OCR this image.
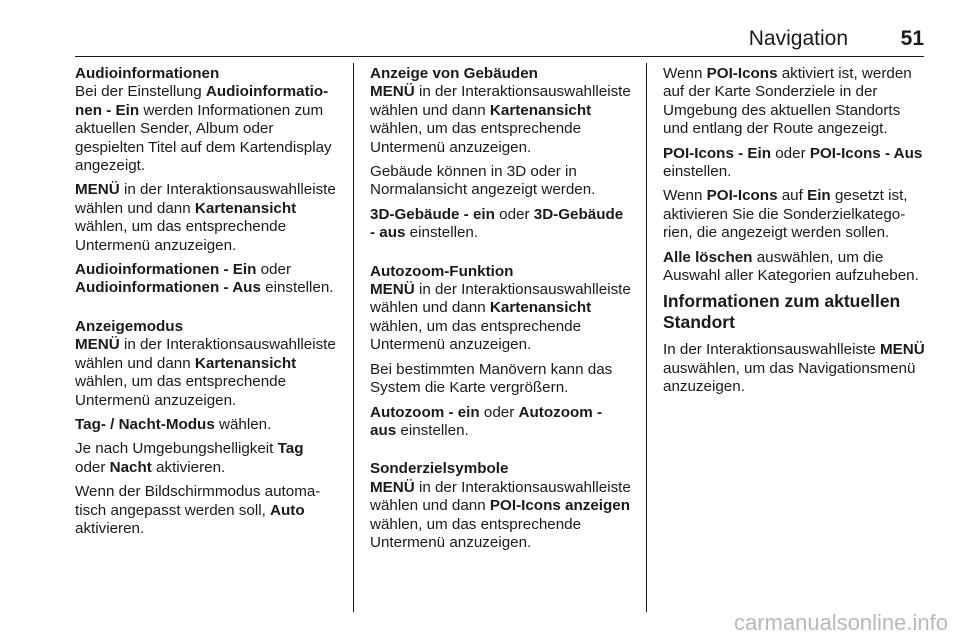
Navigation	51
Audioinformationen
Bei der Einstellung Audioinformationen - Ein werden Informationen zum aktuellen Sender, Album oder gespielten Titel auf dem Kartendisplay angezeigt.
MENÜ in der Interaktionsauswahlleiste wählen und dann Kartenansicht wählen, um das entsprechende Untermenü anzuzeigen.
Audioinformationen - Ein oder Audioinformationen - Aus einstellen.
Anzeigemodus
MENÜ in der Interaktionsauswahlleiste wählen und dann Kartenansicht wählen, um das entsprechende Untermenü anzuzeigen.
Tag- / Nacht-Modus wählen.
Je nach Umgebungshelligkeit Tag oder Nacht aktivieren.
Wenn der Bildschirmmodus automatisch angepasst werden soll, Auto aktivieren.
Anzeige von Gebäuden
MENÜ in der Interaktionsauswahlleiste wählen und dann Kartenansicht wählen, um das entsprechende Untermenü anzuzeigen.
Gebäude können in 3D oder in Normalansicht angezeigt werden.
3D-Gebäude - ein oder 3D-Gebäude - aus einstellen.
Autozoom-Funktion
MENÜ in der Interaktionsauswahlleiste wählen und dann Kartenansicht wählen, um das entsprechende Untermenü anzuzeigen.
Bei bestimmten Manövern kann das System die Karte vergrößern.
Autozoom - ein oder Autozoom - aus einstellen.
Sonderzielsymbole
MENÜ in der Interaktionsauswahlleiste wählen und dann POI-Icons anzeigen wählen, um das entsprechende Untermenü anzuzeigen.
Wenn POI-Icons aktiviert ist, werden auf der Karte Sonderziele in der Umgebung des aktuellen Standorts und entlang der Route angezeigt.
POI-Icons - Ein oder POI-Icons - Aus einstellen.
Wenn POI-Icons auf Ein gesetzt ist, aktivieren Sie die Sonderzielkategorien, die angezeigt werden sollen.
Alle löschen auswählen, um die Auswahl aller Kategorien aufzuheben.
Informationen zum aktuellen Standort
In der Interaktionsauswahlleiste MENÜ auswählen, um das Navigationsmenü anzuzeigen.
carmanualsonline.info
